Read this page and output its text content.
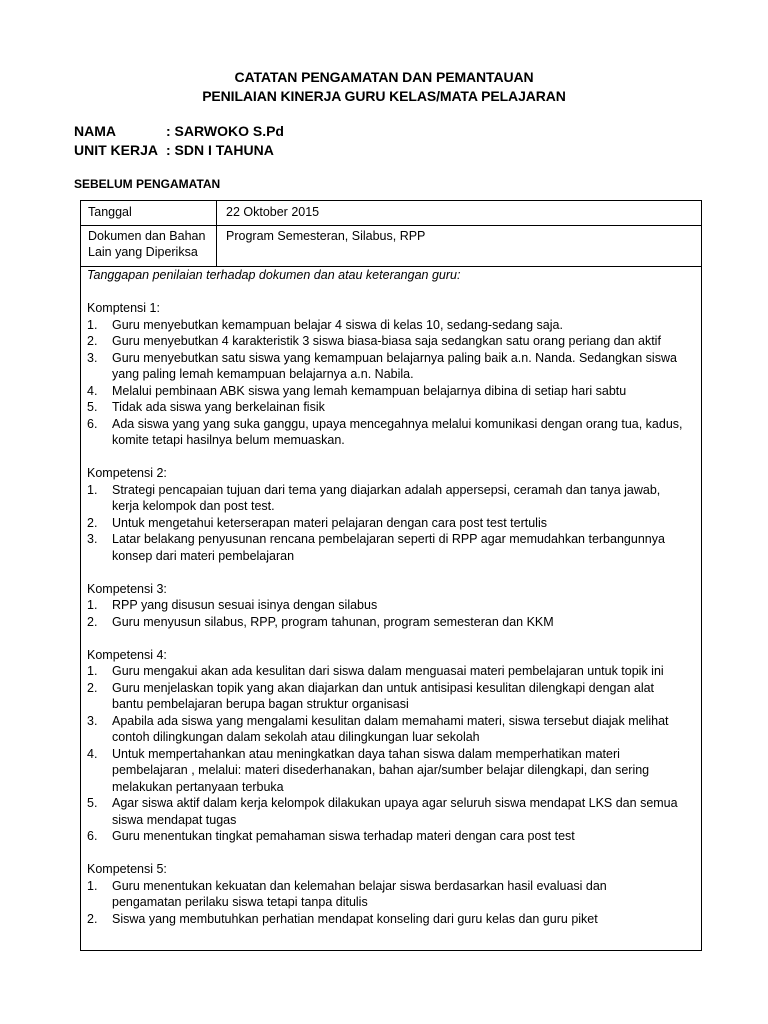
CATATAN PENGAMATAN DAN PEMANTAUAN
PENILAIAN KINERJA GURU KELAS/MATA PELAJARAN
NAMA	: SARWOKO S.Pd
UNIT KERJA : SDN I TAHUNA
SEBELUM PENGAMATAN
Tanggal	22 Oktober 2015
Dokumen dan Bahan
Lain yang Diperiksa
Program Semesteran, Silabus, RPP
Tanggapan penilaian terhadap dokumen dan atau keterangan guru:
Komptensi 1:
1. Guru menyebutkan kemampuan belajar 4 siswa di kelas 10, sedang-sedang saja.
2. Guru menyebutkan 4 karakteristik 3 siswa biasa-biasa saja sedangkan satu orang periang dan aktif
3. Guru menyebutkan satu siswa yang kemampuan belajarnya paling baik a.n. Nanda. Sedangkan siswa
yang paling lemah kemampuan belajarnya a.n. Nabila.
4. Melalui pembinaan ABK siswa yang lemah kemampuan belajarnya dibina di setiap hari sabtu
5. Tidak ada siswa yang berkelainan fisik
6. Ada siswa yang yang suka ganggu, upaya mencegahnya melalui komunikasi dengan orang tua, kadus,
komite tetapi hasilnya belum memuaskan.
Kompetensi 2:
1. Strategi pencapaian tujuan dari tema yang diajarkan adalah appersepsi, ceramah dan tanya jawab,
kerja kelompok dan post test.
2. Untuk mengetahui keterserapan materi pelajaran dengan cara post test tertulis
3. Latar belakang penyusunan rencana pembelajaran seperti di RPP agar memudahkan terbangunnya
konsep dari materi pembelajaran
Kompetensi 3:
1. RPP yang disusun sesuai isinya dengan silabus
2. Guru menyusun silabus, RPP, program tahunan, program semesteran dan KKM
Kompetensi 4:
1. Guru mengakui akan ada kesulitan dari siswa dalam menguasai materi pembelajaran untuk topik ini
2. Guru menjelaskan topik yang akan diajarkan dan untuk antisipasi kesulitan dilengkapi dengan alat
bantu pembelajaran berupa bagan struktur organisasi
3. Apabila ada siswa yang mengalami kesulitan dalam memahami materi, siswa tersebut diajak melihat
contoh dilingkungan dalam sekolah atau dilingkungan luar sekolah
4. Untuk mempertahankan atau meningkatkan daya tahan siswa dalam memperhatikan materi
pembelajaran , melalui: materi disederhanakan, bahan ajar/sumber belajar dilengkapi, dan sering
melakukan pertanyaan terbuka
5. Agar siswa aktif dalam kerja kelompok dilakukan upaya agar seluruh siswa mendapat LKS dan semua
siswa mendapat tugas
6. Guru menentukan tingkat pemahaman siswa terhadap materi dengan cara post test
Kompetensi 5:
1. Guru menentukan kekuatan dan kelemahan belajar siswa berdasarkan hasil evaluasi dan
pengamatan perilaku siswa tetapi tanpa ditulis
2. Siswa yang membutuhkan perhatian mendapat konseling dari guru kelas dan guru piket
